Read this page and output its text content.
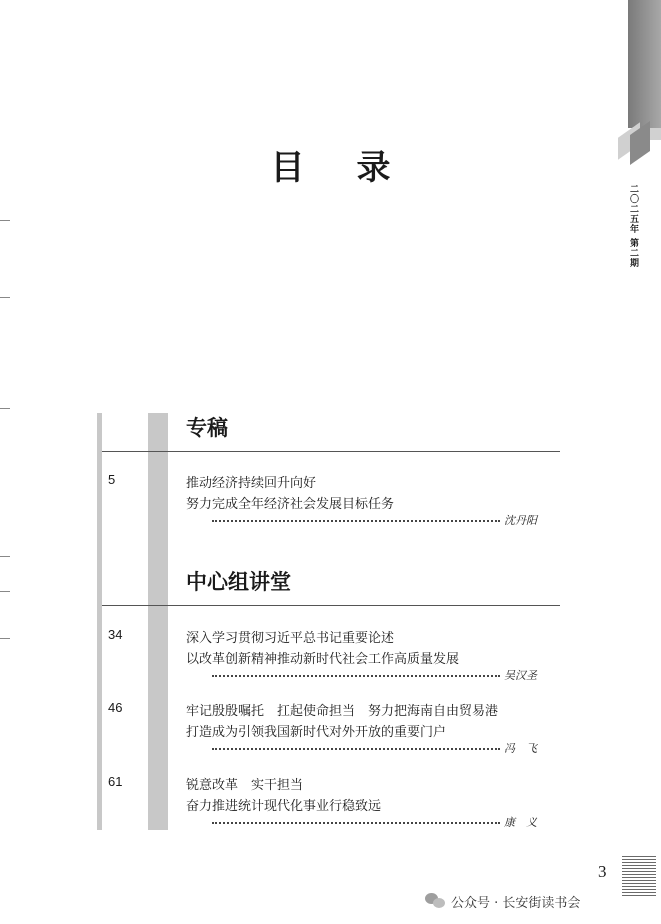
二〇二五年 第二期
目录
专稿
5	推动经济持续回升向好
努力完成全年经济社会发展目标任务
沈丹阳
中心组讲堂
34	深入学习贯彻习近平总书记重要论述
以改革创新精神推动新时代社会工作高质量发展
吴汉圣
46	牢记殷殷嘱托　扛起使命担当　努力把海南自由贸易港
打造成为引领我国新时代对外开放的重要门户
冯　飞
61	锐意改革　实干担当
奋力推进统计现代化事业行稳致远
康　义
3
公众号 · 长安街读书会
